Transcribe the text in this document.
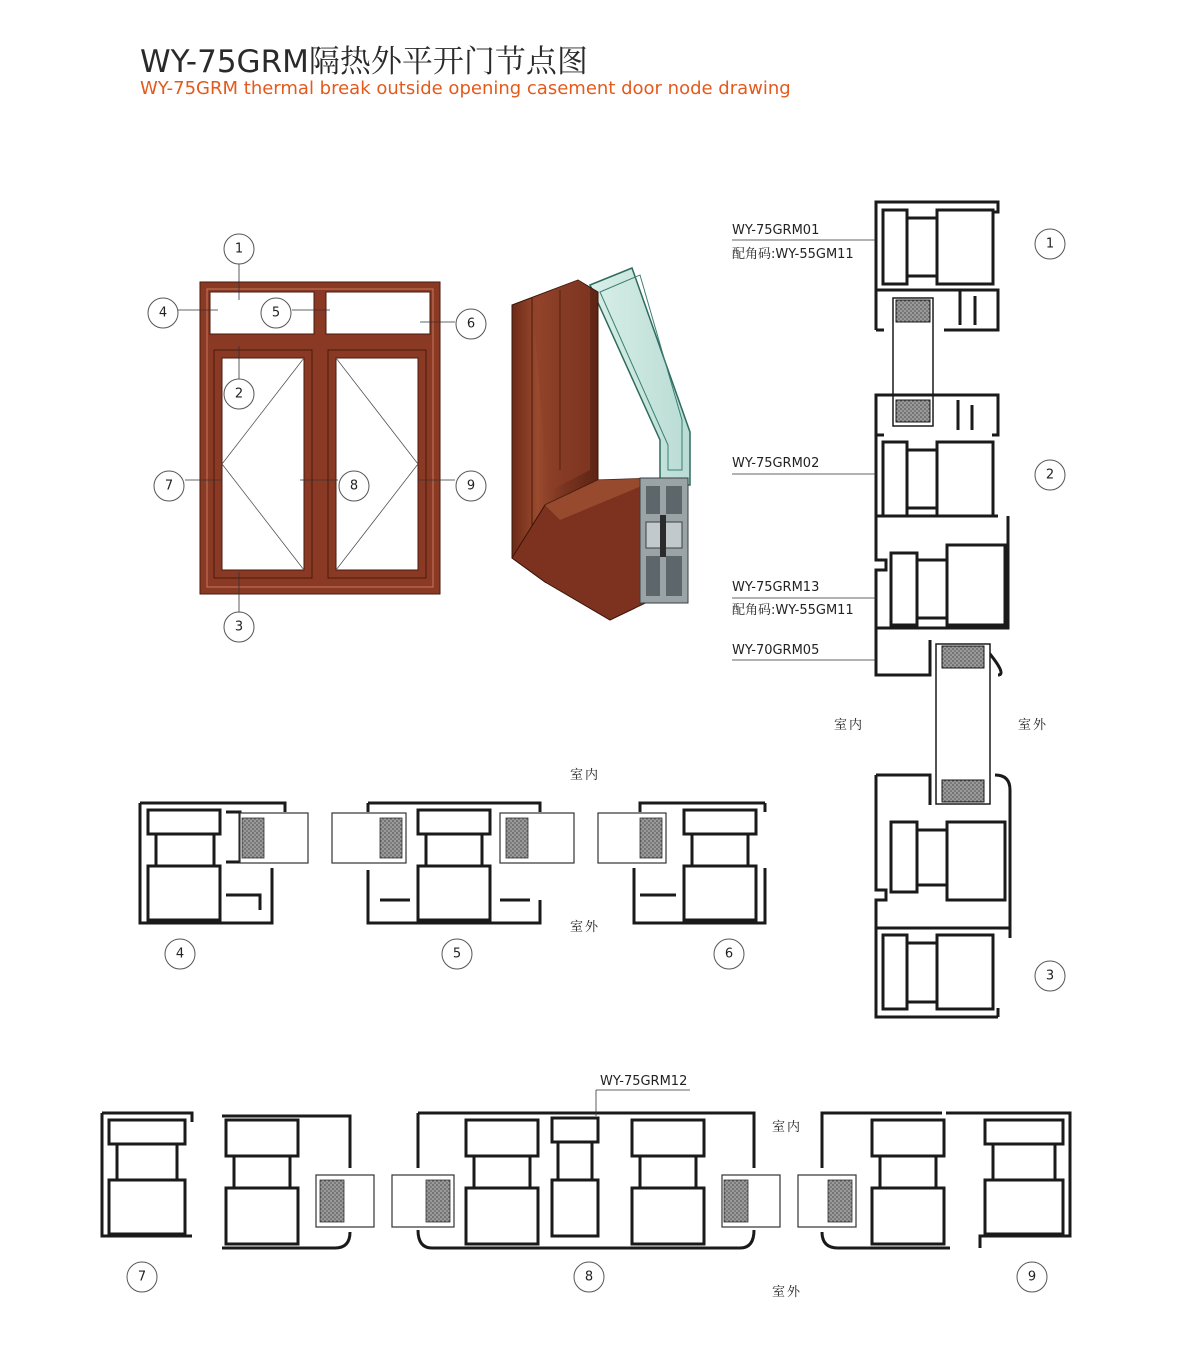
WY-75GRM隔热外平开门节点图
WY-75GRM thermal break outside opening casement door node drawing
1
4	5
6
2
7	8	9
3
WY-75GRM01
配角码:WY-55GM11
WY-75GRM02
WY-75GRM13
配角码:WY-55GM11
WY-70GRM05
室内	室外
1
2
3
室内
室外
4	5	6
WY-75GRM12
室内
室外
7	8	9
